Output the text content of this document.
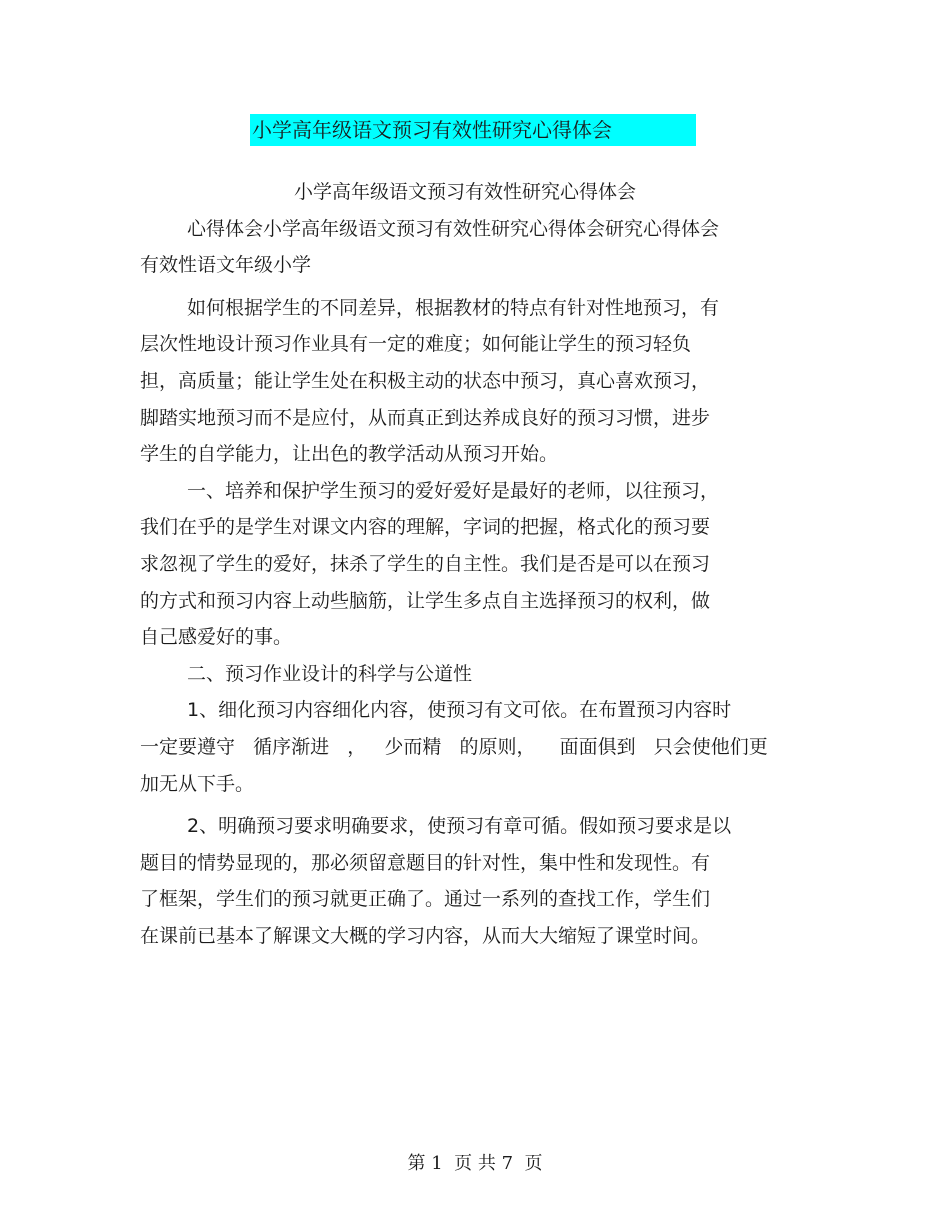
小学高年级语文预习有效性研究心得体会

小学高年级语文预习有效性研究心得体会

心得体会小学高年级语文预习有效性研究心得体会研究心得体会
有效性语文年级小学
如何根据学生的不同差异，根据教材的特点有针对性地预习，有
层次性地设计预习作业具有一定的难度；如何能让学生的预习轻负
担，高质量；能让学生处在积极主动的状态中预习，真心喜欢预习，
脚踏实地预习而不是应付，从而真正到达养成良好的预习习惯，进步
学生的自学能力，让出色的教学活动从预习开始。
一、培养和保护学生预习的爱好爱好是最好的老师，以往预习，
我们在乎的是学生对课文内容的理解，字词的把握，格式化的预习要
求忽视了学生的爱好，抹杀了学生的自主性。我们是否是可以在预习
的方式和预习内容上动些脑筋，让学生多点自主选择预习的权利，做
自己感爱好的事。
二、预习作业设计的科学与公道性
1、细化预习内容细化内容，使预习有文可依。在布置预习内容时
一定要遵守   循序渐进   ，   少而精   的原则，    面面俱到   只会使他们更
加无从下手。
2、明确预习要求明确要求，使预习有章可循。假如预习要求是以
题目的情势显现的，那必须留意题目的针对性，集中性和发现性。有
了框架，学生们的预习就更正确了。通过一系列的查找工作，学生们
在课前已基本了解课文大概的学习内容，从而大大缩短了课堂时间。
第 1  页 共 7  页
